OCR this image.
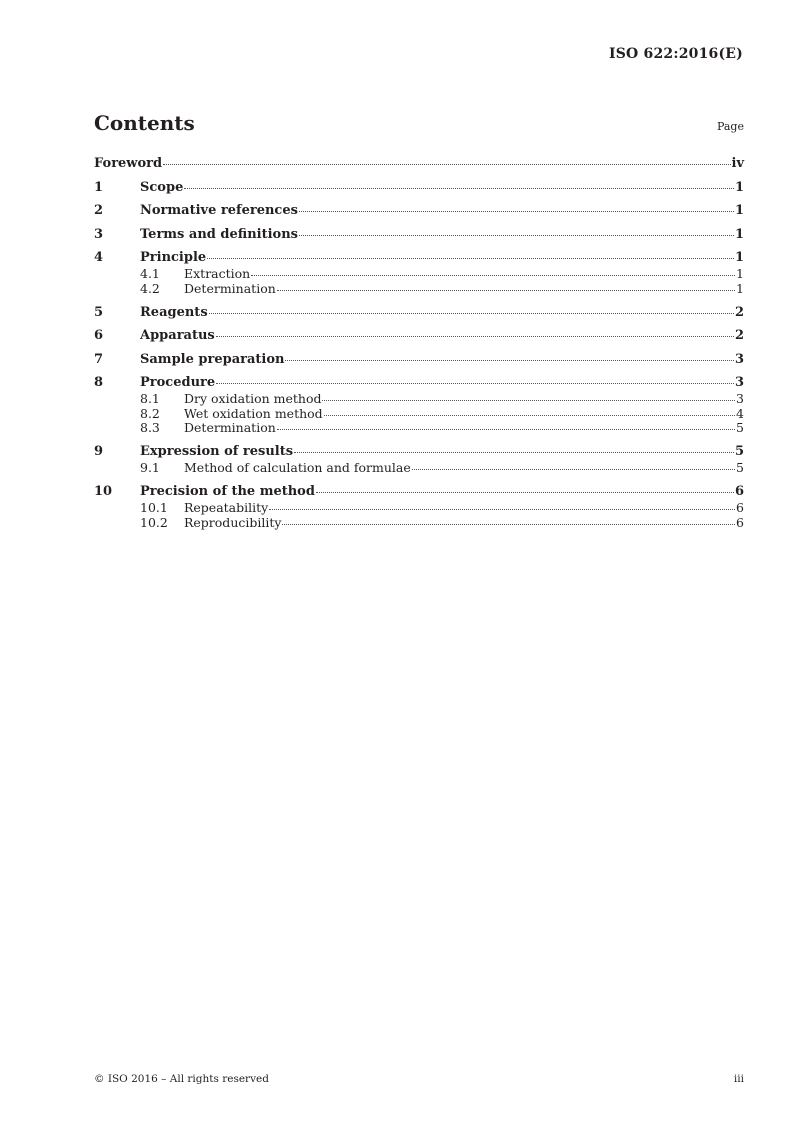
ISO 622:2016(E)
Contents	Page
Foreword	iv
1	Scope	1
2	Normative references	1
3	Terms and definitions	1
4	Principle	1
4.1	Extraction	1
4.2	Determination	1
5	Reagents	2
6	Apparatus	2
7	Sample preparation	3
8	Procedure	3
8.1	Dry oxidation method	3
8.2	Wet oxidation method	4
8.3	Determination	5
9	Expression of results	5
9.1	Method of calculation and formulae	5
10	Precision of the method	6
10.1	Repeatability	6
10.2	Reproducibility	6
© ISO 2016 – All rights reserved	iii
